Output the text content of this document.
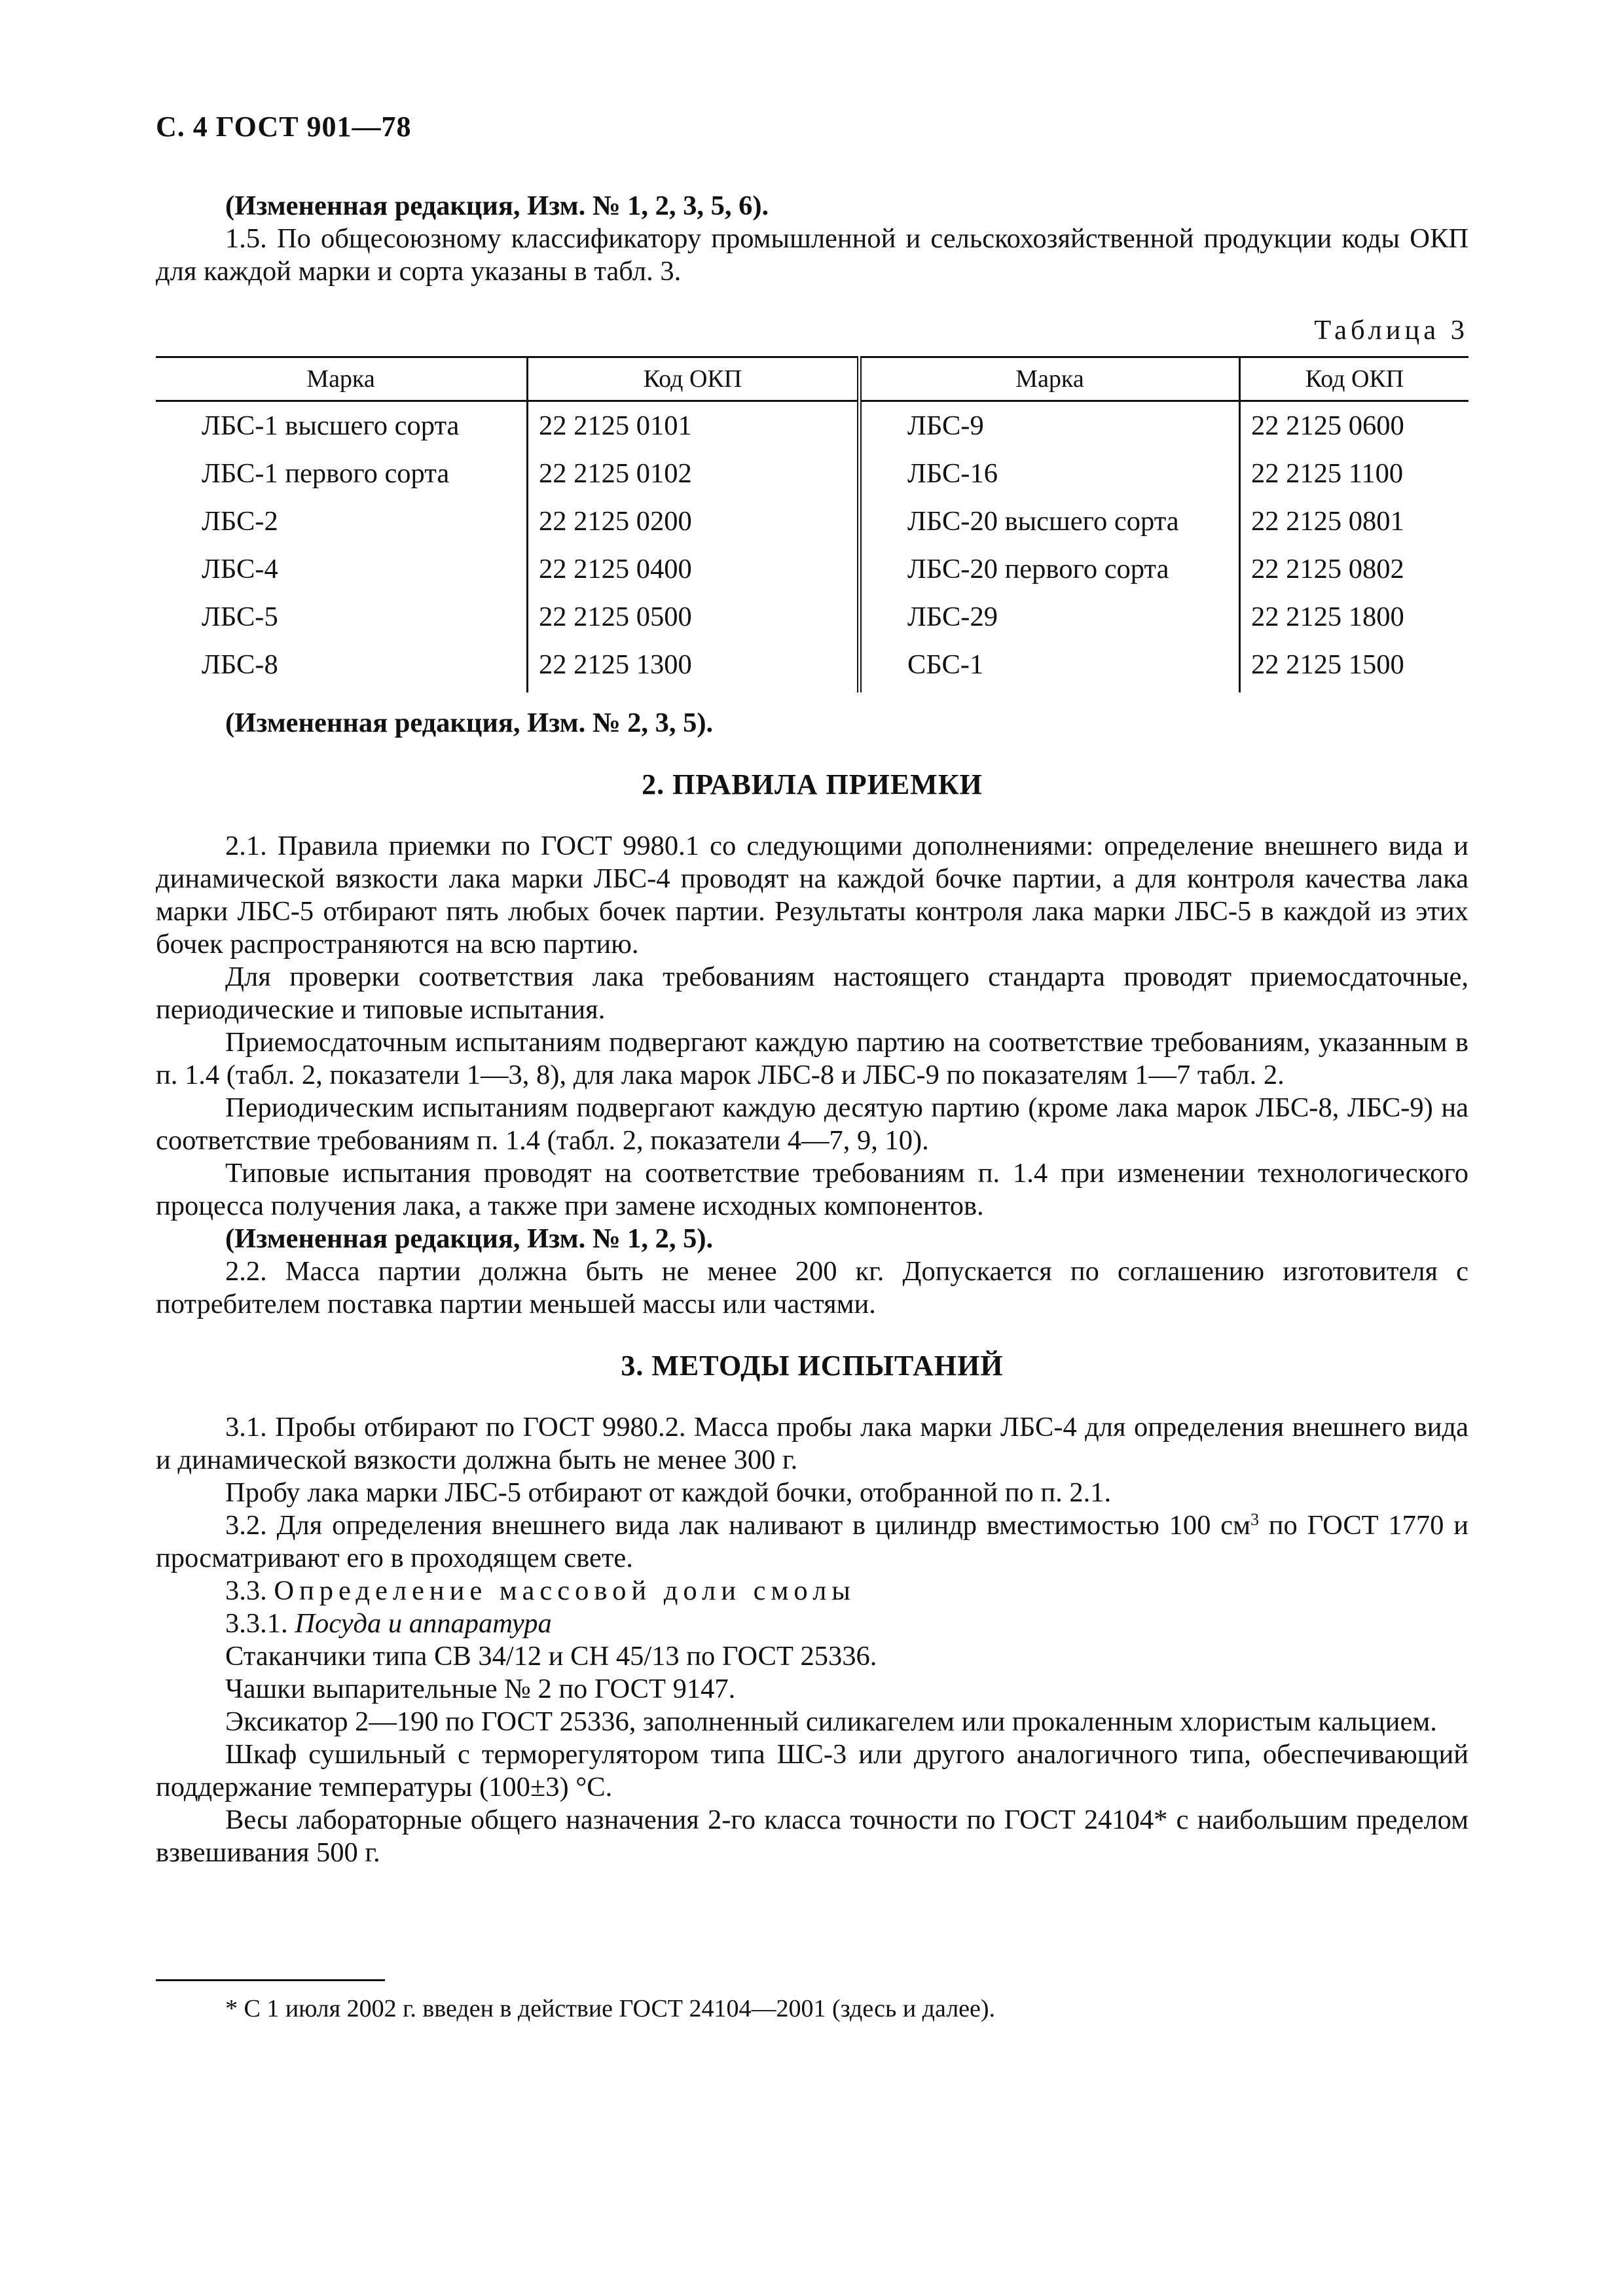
С. 4 ГОСТ 901—78

(Измененная редакция, Изм. № 1, 2, 3, 5, 6).

1.5. По общесоюзному классификатору промышленной и сельскохозяйственной продукции коды ОКП для каждой марки и сорта указаны в табл. 3.

Таблица 3
Марка	Код ОКП	Марка	Код ОКП
ЛБС-1 высшего сорта	22 2125 0101	ЛБС-9	22 2125 0600
ЛБС-1 первого сорта	22 2125 0102	ЛБС-16	22 2125 1100
ЛБС-2	22 2125 0200	ЛБС-20 высшего сорта	22 2125 0801
ЛБС-4	22 2125 0400	ЛБС-20 первого сорта	22 2125 0802
ЛБС-5	22 2125 0500	ЛБС-29	22 2125 1800
ЛБС-8	22 2125 1300	СБС-1	22 2125 1500

(Измененная редакция, Изм. № 2, 3, 5).

2. ПРАВИЛА ПРИЕМКИ

2.1. Правила приемки по ГОСТ 9980.1 со следующими дополнениями: определение внешнего вида и динамической вязкости лака марки ЛБС-4 проводят на каждой бочке партии, а для контроля качества лака марки ЛБС-5 отбирают пять любых бочек партии. Результаты контроля лака марки ЛБС-5 в каждой из этих бочек распространяются на всю партию.

Для проверки соответствия лака требованиям настоящего стандарта проводят приемосдаточные, периодические и типовые испытания.

Приемосдаточным испытаниям подвергают каждую партию на соответствие требованиям, указанным в п. 1.4 (табл. 2, показатели 1—3, 8), для лака марок ЛБС-8 и ЛБС-9 по показателям 1—7 табл. 2.

Периодическим испытаниям подвергают каждую десятую партию (кроме лака марок ЛБС-8, ЛБС-9) на соответствие требованиям п. 1.4 (табл. 2, показатели 4—7, 9, 10).

Типовые испытания проводят на соответствие требованиям п. 1.4 при изменении технологического процесса получения лака, а также при замене исходных компонентов.

(Измененная редакция, Изм. № 1, 2, 5).

2.2. Масса партии должна быть не менее 200 кг. Допускается по соглашению изготовителя с потребителем поставка партии меньшей массы или частями.

3. МЕТОДЫ ИСПЫТАНИЙ

3.1. Пробы отбирают по ГОСТ 9980.2. Масса пробы лака марки ЛБС-4 для определения внешнего вида и динамической вязкости должна быть не менее 300 г.

Пробу лака марки ЛБС-5 отбирают от каждой бочки, отобранной по п. 2.1.

3.2. Для определения внешнего вида лак наливают в цилиндр вместимостью 100 $см^3$ по ГОСТ 1770 и просматривают его в проходящем свете.

3.3. Определение массовой доли смолы

3.3.1. Посуда и аппаратура

Стаканчики типа СВ 34/12 и СН 45/13 по ГОСТ 25336.

Чашки выпарительные № 2 по ГОСТ 9147.

Эксикатор 2—190 по ГОСТ 25336, заполненный силикагелем или прокаленным хлористым кальцием.

Шкаф сушильный с терморегулятором типа ШС-3 или другого аналогичного типа, обеспечивающий поддержание температуры (100±3) °С.

Весы лабораторные общего назначения 2-го класса точности по ГОСТ 24104* с наибольшим пределом взвешивания 500 г.

* С 1 июля 2002 г. введен в действие ГОСТ 24104—2001 (здесь и далее).
